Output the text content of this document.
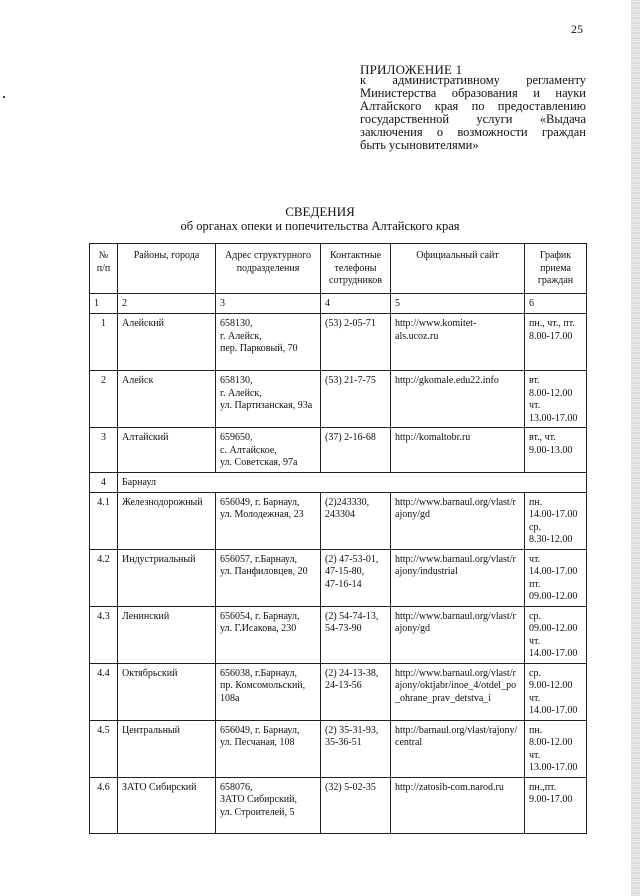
25
ПРИЛОЖЕНИЕ 1
к административному регламенту
Министерства образования и науки
Алтайского края по предоставлению
государственной услуги «Выдача
заключения о возможности граждан
быть усыновителями»
СВЕДЕНИЯ
об органах опеки и попечительства Алтайского края
№ п/п	Районы, города	Адрес структурного подразделения	Контактные телефоны сотрудников	Официальный сайт	График приема граждан
1	2	3	4	5	6
1	Алейский	658130,
г. Алейск,
пер. Парковый, 70	(53) 2-05-71	http://www.komitet-
als.ucoz.ru	пн., чт., пт.
8.00-17.00

2	Алейск	658130,
г. Алейск,
ул. Партизанская, 93а	(53) 21-7-75	http://gkomale.edu22.info	вт.
8.00-12.00
чт.
13.00-17.00

3	Алтайский	659650,
с. Алтайское,
ул. Советская, 97а	(37) 2-16-68	http://komaltobr.ru	вт., чт.
9.00-13.00

4	Барнаул				
4.1	Железнодорожный	656049, г. Барнаул,
ул. Молодежная, 23	(2)243330,
243304	http://www.barnaul.org/vlast/r
ajony/gd	пн.
14.00-17.00
ср.
8.30-12.00

4.2	Индустриальный	656057, г.Барнаул,
ул. Панфиловцев, 20	(2) 47-53-01,
47-15-80,
47-16-14	http://www.barnaul.org/vlast/r
ajony/industrial	чт.
14.00-17.00
пт.
09.00-12.00

4.3	Ленинский	656054, г. Барнаул,
ул. Г.Исакова, 230	(2) 54-74-13,
54-73-90	http://www.barnaul.org/vlast/r
ajony/gd	ср.
09.00-12.00
чт.
14.00-17.00

4.4	Октябрьский	656038, г.Барнаул,
пр. Комсомольский,
108а	(2) 24-13-38,
24-13-56	http://www.barnaul.org/vlast/r
ajony/oktjabr/inoe_4/otdel_po
_ohrane_prav_detstva_i	ср.
9.00-12.00
чт.
14.00-17.00

4.5	Центральный	656049, г. Барнаул,
ул. Песчаная, 108	(2) 35-31-93,
35-36-51	http://barnaul.org/vlast/rajony/
central	пн.
8.00-12.00
чт.
13.00-17.00

4.6	ЗАТО Сибирский	658076,
ЗАТО Сибирский,
ул. Строителей, 5	(32) 5-02-35	http://zatosib-com.narod.ru	пн.,пт.
9.00-17.00
